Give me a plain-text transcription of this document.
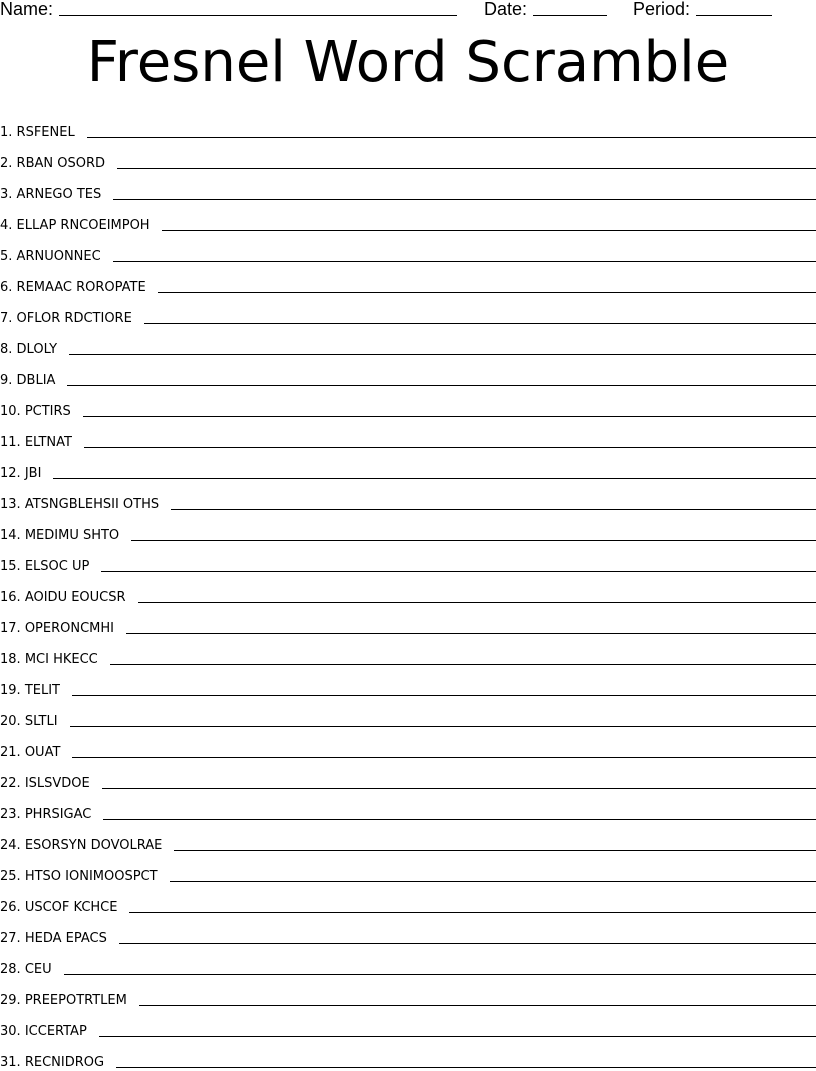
Name:	Date:	Period:
Fresnel Word Scramble
1.
RSFENEL
2.
RBAN OSORD
3.
ARNEGO TES
4.
ELLAP RNCOEIMPOH
5.
ARNUONNEC
6.
REMAAC ROROPATE
7.
OFLOR RDCTIORE
8.
DLOLY
9.
DBLIA
10.
PCTIRS
11.
ELTNAT
12.
JBI
13.
ATSNGBLEHSII OTHS
14.
MEDIMU SHTO
15.
ELSOC UP
16.
AOIDU EOUCSR
17.
OPERONCMHI
18.
MCI HKECC
19.
TELIT
20.
SLTLI
21.
OUAT
22.
ISLSVDOE
23.
PHRSIGAC
24.
ESORSYN DOVOLRAE
25.
HTSO IONIMOOSPCT
26.
USCOF KCHCE
27.
HEDA EPACS
28.
CEU
29.
PREEPOTRTLEM
30.
ICCERTAP
31.
RECNIDROG
